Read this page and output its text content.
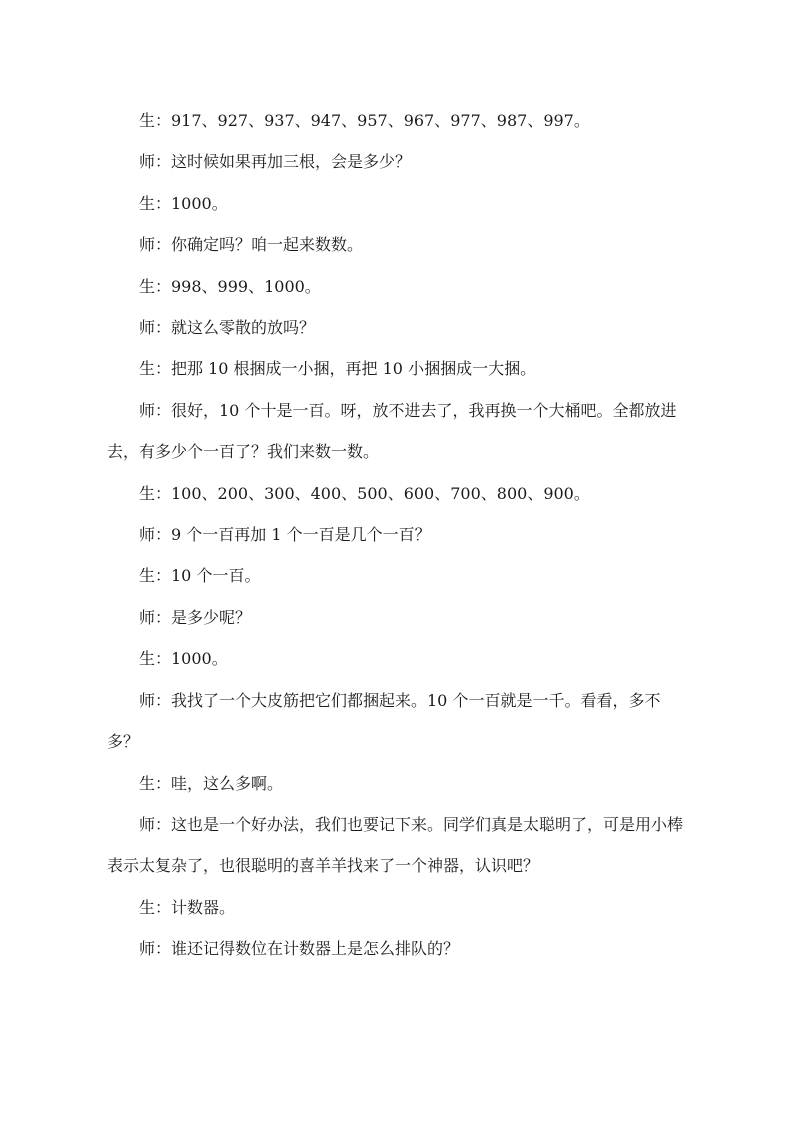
生：917、927、937、947、957、967、977、987、997。

师：这时候如果再加三根，会是多少？

生：1000。

师：你确定吗？咱一起来数数。

生：998、999、1000。

师：就这么零散的放吗？

生：把那 10 根捆成一小捆，再把 10 小捆捆成一大捆。

师：很好，10 个十是一百。呀，放不进去了，我再换一个大桶吧。全都放进去，有多少个一百了？我们来数一数。

生：100、200、300、400、500、600、700、800、900。

师：9 个一百再加 1 个一百是几个一百？

生：10 个一百。

师：是多少呢？

生：1000。

师：我找了一个大皮筋把它们都捆起来。10 个一百就是一千。看看，多不多？

生：哇，这么多啊。

师：这也是一个好办法，我们也要记下来。同学们真是太聪明了，可是用小棒表示太复杂了，也很聪明的喜羊羊找来了一个神器，认识吧？

生：计数器。

师：谁还记得数位在计数器上是怎么排队的？
